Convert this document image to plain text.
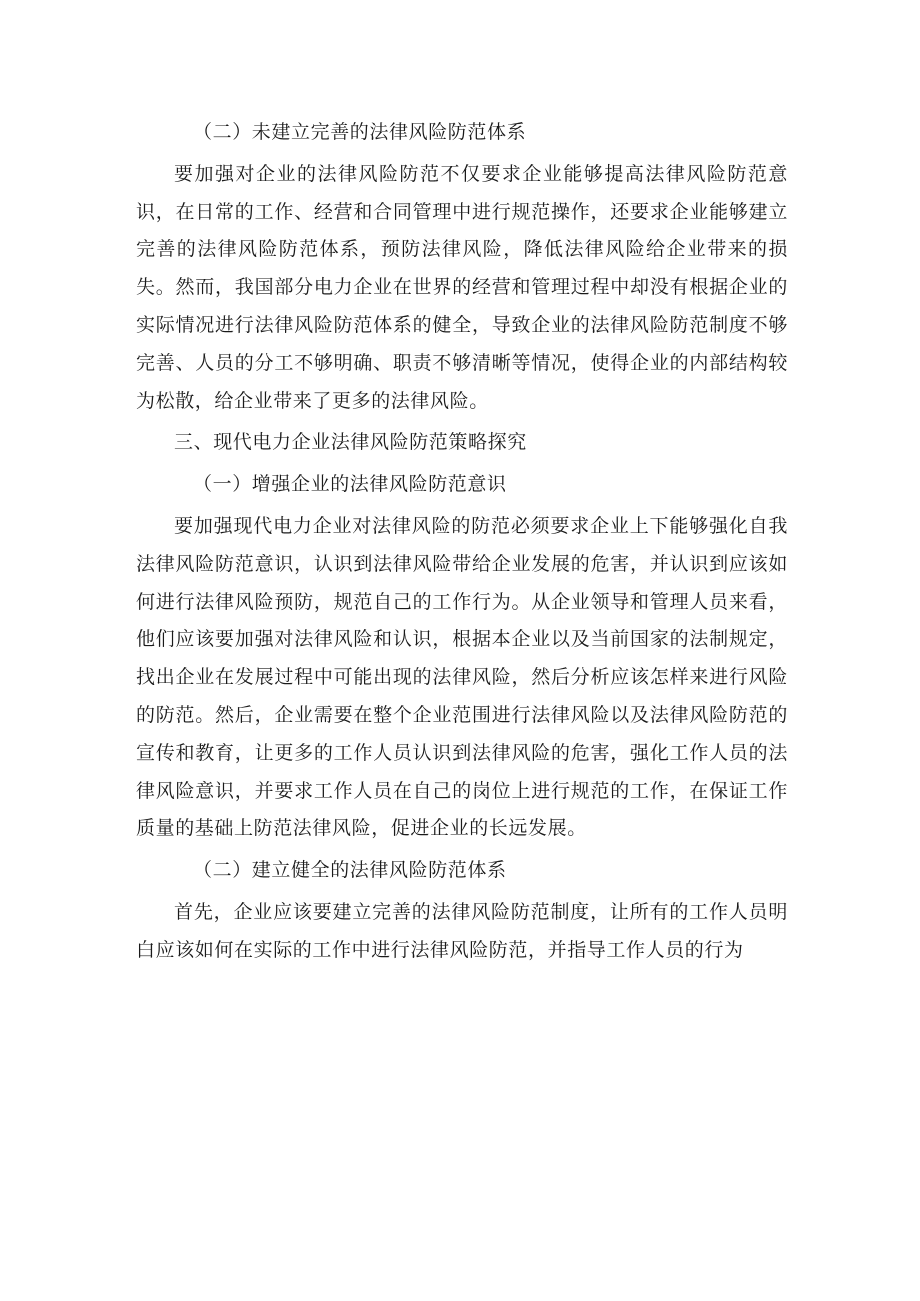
（二）未建立完善的法律风险防范体系

要加强对企业的法律风险防范不仅要求企业能够提高法律风险防范意识，在日常的工作、经营和合同管理中进行规范操作，还要求企业能够建立完善的法律风险防范体系，预防法律风险，降低法律风险给企业带来的损失。然而，我国部分电力企业在世界的经营和管理过程中却没有根据企业的实际情况进行法律风险防范体系的健全，导致企业的法律风险防范制度不够完善、人员的分工不够明确、职责不够清晰等情况，使得企业的内部结构较为松散，给企业带来了更多的法律风险。

三、现代电力企业法律风险防范策略探究

（一）增强企业的法律风险防范意识

要加强现代电力企业对法律风险的防范必须要求企业上下能够强化自我法律风险防范意识，认识到法律风险带给企业发展的危害，并认识到应该如何进行法律风险预防，规范自己的工作行为。从企业领导和管理人员来看，他们应该要加强对法律风险和认识，根据本企业以及当前国家的法制规定，找出企业在发展过程中可能出现的法律风险，然后分析应该怎样来进行风险的防范。然后，企业需要在整个企业范围进行法律风险以及法律风险防范的宣传和教育，让更多的工作人员认识到法律风险的危害，强化工作人员的法律风险意识，并要求工作人员在自己的岗位上进行规范的工作，在保证工作质量的基础上防范法律风险，促进企业的长远发展。

（二）建立健全的法律风险防范体系

首先，企业应该要建立完善的法律风险防范制度，让所有的工作人员明白应该如何在实际的工作中进行法律风险防范，并指导工作人员的行为
